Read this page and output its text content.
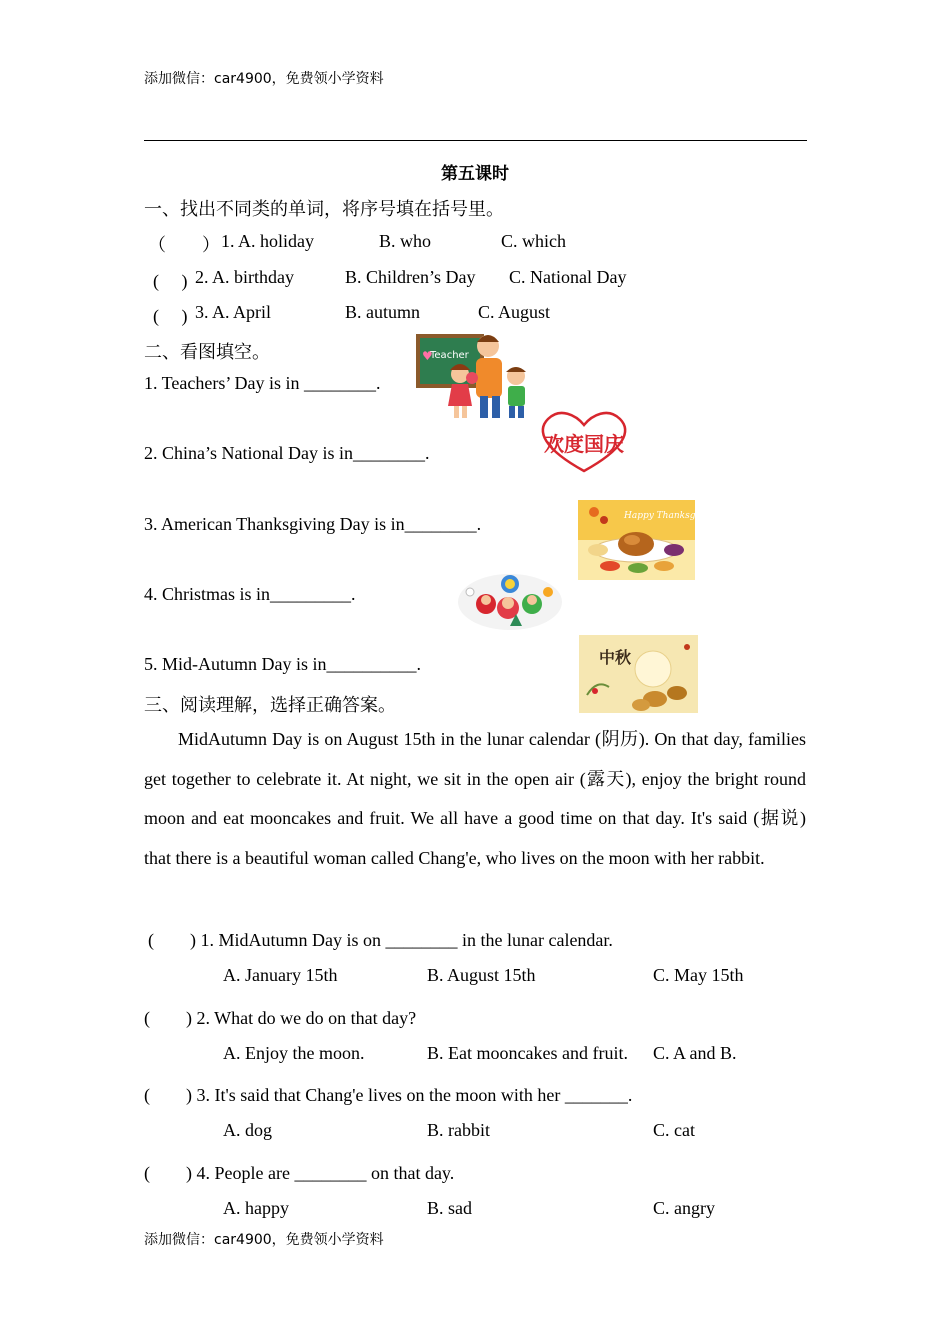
添加微信：car4900，免费领小学资料
第五课时
一、找出不同类的单词，将序号填在括号里。
（　　） 1. A. holiday	B. who	C. which
(　 ) 2. A. birthday	B. Children’s Day C. National Day
(　 ) 3. A. April	B. autumn	C. August
二、看图填空。
1. Teachers’ Day is in ________.
2. China’s National Day is in________.
3. American Thanksgiving Day is in________.
4. Christmas is in_________.
5. Mid-Autumn Day is in__________.
Teacher
♥
欢度国庆
Happy Thanksgiving
中秋
三、阅读理解，选择正确答案。
MidAutumn Day is on August 15th in the lunar calendar (阴历). On that day, families get together to celebrate it. At night, we sit in the open air (露天), enjoy the bright round moon and eat mooncakes and fruit. We all have a good time on that day. It's said (据说) that there is a beautiful woman called Chang'e, who lives on the moon with her rabbit.
(　　) 1. MidAutumn Day is on ________ in the lunar calendar.
A. January 15th	B. August 15th	C. May 15th
(　　) 2. What do we do on that day?
A. Enjoy the moon.	B. Eat mooncakes and fruit. C. A and B.
(　　) 3. It's said that Chang'e lives on the moon with her _______.
A. dog	B. rabbit	C. cat
(　　) 4. People are ________ on that day.
A. happy	B. sad	C. angry
添加微信：car4900，免费领小学资料
